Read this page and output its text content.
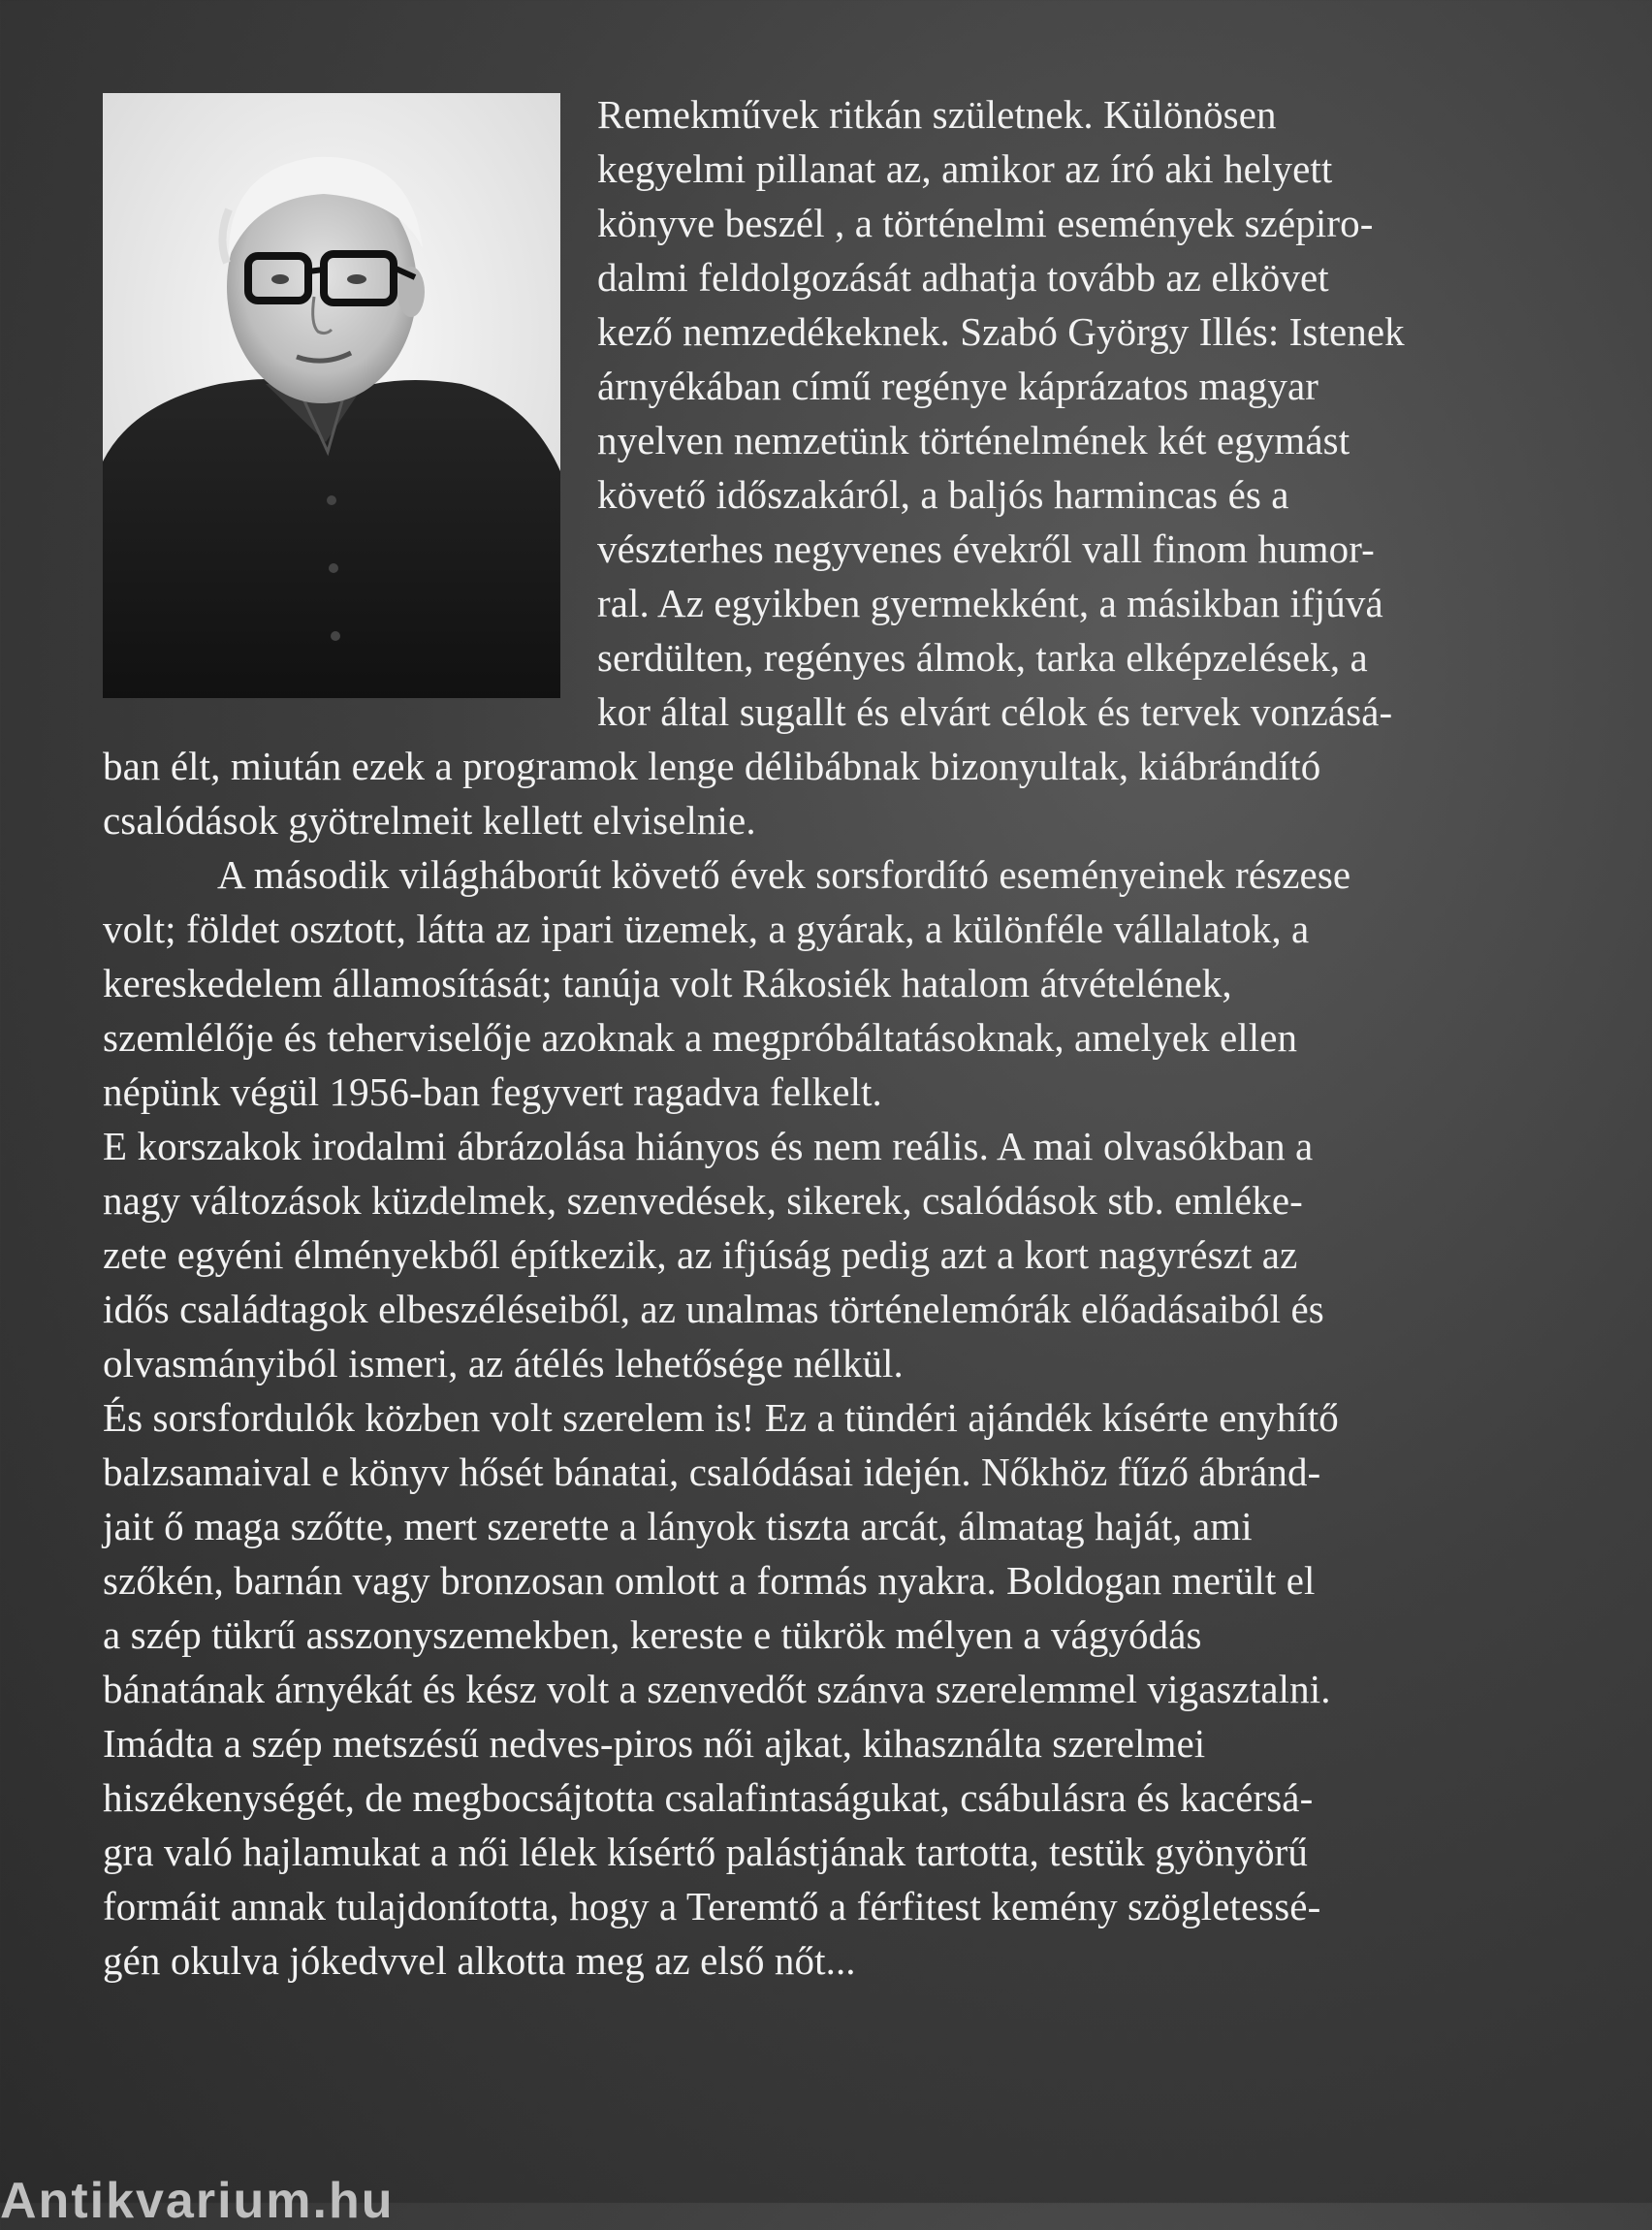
Remekművek ritkán születnek. Különösen
kegyelmi pillanat az, amikor az író aki helyett
könyve beszél , a történelmi események szépiro-
dalmi feldolgozását adhatja tovább az elkövet
kező nemzedékeknek. Szabó György Illés: Istenek
árnyékában című regénye káprázatos magyar
nyelven nemzetünk történelmének két egymást
követő időszakáról, a baljós harmincas és a
vészterhes negyvenes évekről vall finom humor-
ral. Az egyikben gyermekként, a másikban ifjúvá
serdülten, regényes álmok, tarka elképzelések, a
kor által sugallt és elvárt célok és tervek vonzásá-
ban élt, miután ezek a programok lenge délibábnak bizonyultak, kiábrándító
csalódások gyötrelmeit kellett elviselnie.
A második világháborút követő évek sorsfordító eseményeinek részese
volt; földet osztott, látta az ipari üzemek, a gyárak, a különféle vállalatok, a
kereskedelem államosítását; tanúja volt Rákosiék hatalom átvételének,
szemlélője és teherviselője azoknak a megpróbáltatásoknak, amelyek ellen
népünk végül 1956-ban fegyvert ragadva felkelt.
E korszakok irodalmi ábrázolása hiányos és nem reális. A mai olvasókban a
nagy változások küzdelmek, szenvedések, sikerek, csalódások stb. emléke-
zete egyéni élményekből építkezik, az ifjúság pedig azt a kort nagyrészt az
idős családtagok elbeszéléseiből, az unalmas történelemórák előadásaiból és
olvasmányiból ismeri, az átélés lehetősége nélkül.
És sorsfordulók közben volt szerelem is! Ez a tündéri ajándék kísérte enyhítő
balzsamaival e könyv hősét bánatai, csalódásai idején. Nőkhöz fűző ábránd-
jait ő maga szőtte, mert szerette a lányok tiszta arcát, álmatag haját, ami
szőkén, barnán vagy bronzosan omlott a formás nyakra. Boldogan merült el
a szép tükrű asszonyszemekben, kereste e tükrök mélyen a vágyódás
bánatának árnyékát és kész volt a szenvedőt szánva szerelemmel vigasztalni.
Imádta a szép metszésű nedves-piros női ajkat, kihasználta szerelmei
hiszékenységét, de megbocsájtotta csalafintaságukat, csábulásra és kacérsá-
gra való hajlamukat a női lélek kísértő palástjának tartotta, testük gyönyörű
formáit annak tulajdonította, hogy a Teremtő a férfitest kemény szögletessé-
gén okulva jókedvvel alkotta meg az első nőt...
Antikvarium.hu
